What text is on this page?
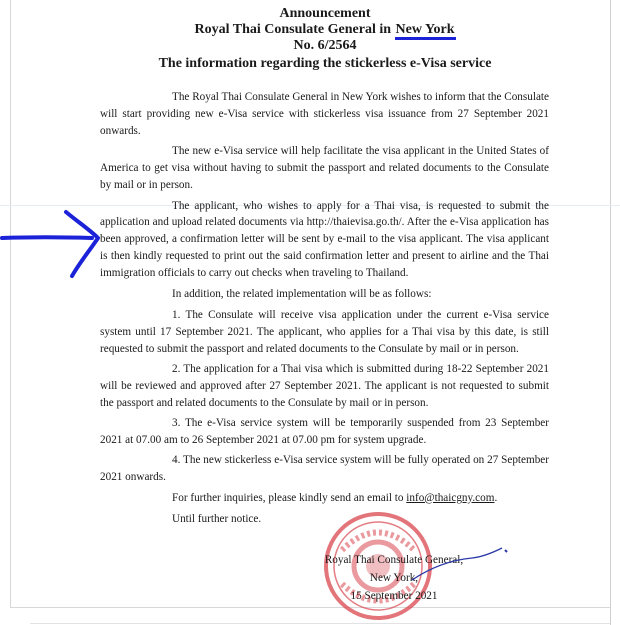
Announcement
Royal Thai Consulate General in New York
No. 6/2564
The information regarding the stickerless e-Visa service

The Royal Thai Consulate General in New York wishes to inform that the Consulate will start providing new e-Visa service with stickerless visa issuance from 27 September 2021 onwards.

The new e-Visa service will help facilitate the visa applicant in the United States of America to get visa without having to submit the passport and related documents to the Consulate by mail or in person.

The applicant, who wishes to apply for a Thai visa, is requested to submit the application and upload related documents via http://thaievisa.go.th/. After the e-Visa application has been approved, a confirmation letter will be sent by e-mail to the visa applicant. The visa applicant is then kindly requested to print out the said confirmation letter and present to airline and the Thai immigration officials to carry out checks when traveling to Thailand.

In addition, the related implementation will be as follows:

1. The Consulate will receive visa application under the current e-Visa service system until 17 September 2021. The applicant, who applies for a Thai visa by this date, is still requested to submit the passport and related documents to the Consulate by mail or in person.

2. The application for a Thai visa which is submitted during 18-22 September 2021 will be reviewed and approved after 27 September 2021. The applicant is not requested to submit the passport and related documents to the Consulate by mail or in person.

3. The e-Visa service system will be temporarily suspended from 23 September 2021 at 07.00 am to 26 September 2021 at 07.00 pm for system upgrade.

4. The new stickerless e-Visa service system will be fully operated on 27 September 2021 onwards.

For further inquiries, please kindly send an email to info@thaicgny.com.

Until further notice.

Royal Thai Consulate General,
New York,
15 September 2021
